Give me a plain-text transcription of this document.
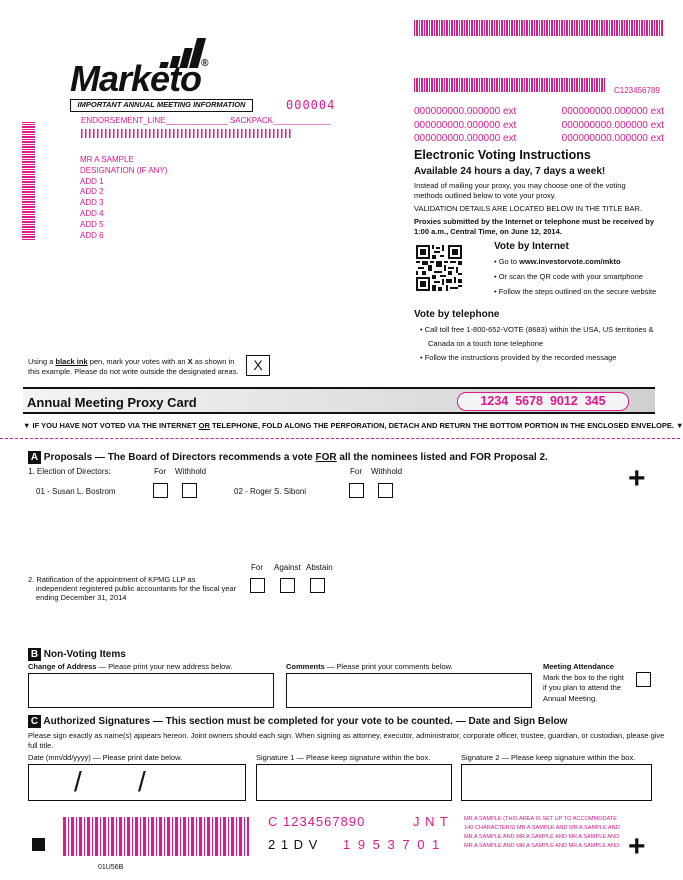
Marketo®
IMPORTANT ANNUAL MEETING INFORMATION	000004
ENDORSEMENT_LINE______________ SACKPACK_____________
MR A SAMPLE
DESIGNATION (IF ANY)
ADD 1
ADD 2
ADD 3
ADD 4
ADD 5
ADD 6
C123456789
000000000.000000 ext	000000000.000000 ext
000000000.000000 ext	000000000.000000 ext
000000000.000000 ext	000000000.000000 ext
Electronic Voting Instructions
Available 24 hours a day, 7 days a week!
Instead of mailing your proxy, you may choose one of the voting
methods outlined below to vote your proxy.
VALIDATION DETAILS ARE LOCATED BELOW IN THE TITLE BAR.
Proxies submitted by the Internet or telephone must be received by
1:00 a.m., Central Time, on June 12, 2014.
Vote by Internet
• Go to www.investorvote.com/mkto
• Or scan the QR code with your smartphone
• Follow the steps outlined on the secure website
Vote by telephone
• Call toll free 1-800-652-VOTE (8683) within the USA, US territories &
Canada on a touch tone telephone
• Follow the instructions provided by the recorded message
Using a black ink pen, mark your votes with an X as shown in
this example. Please do not write outside the designated areas.	X
Annual Meeting Proxy Card	1234  5678  9012  345
▼ IF YOU HAVE NOT VOTED VIA THE INTERNET OR TELEPHONE, FOLD ALONG THE PERFORATION, DETACH AND RETURN THE BOTTOM PORTION IN THE ENCLOSED ENVELOPE. ▼
A Proposals — The Board of Directors recommends a vote FOR all the nominees listed and FOR Proposal 2.
1. Election of Directors:	For Withhold	For Withhold
01 - Susan L. Bostrom	02 - Roger S. Siboni	+
For Against Abstain
2. Ratification of the appointment of KPMG LLP as
independent registered public accountants for the fiscal year
ending December 31, 2014
B Non-Voting Items
Change of Address — Please print your new address below.	Comments — Please print your comments below.	Meeting Attendance
Mark the box to the right
if you plan to attend the
Annual Meeting.
C Authorized Signatures — This section must be completed for your vote to be counted. — Date and Sign Below
Please sign exactly as name(s) appears hereon. Joint owners should each sign. When signing as attorney, executor, administrator, corporate officer, trustee, guardian, or custodian, please give
full title.
Date (mm/dd/yyyy) — Please print date below.	Signature 1 — Please keep signature within the box.	Signature 2 — Please keep signature within the box.
/ /
C 1234567890	J N T
2 1 D V 1 9 5 3 7 0 1
MR A SAMPLE (THIS AREA IS SET UP TO ACCOMMODATE
140 CHARACTERS) MR A SAMPLE AND MR A SAMPLE AND
MR A SAMPLE AND MR A SAMPLE AND MR A SAMPLE AND
MR A SAMPLE AND MR A SAMPLE AND MR A SAMPLE AND +
01U56B
